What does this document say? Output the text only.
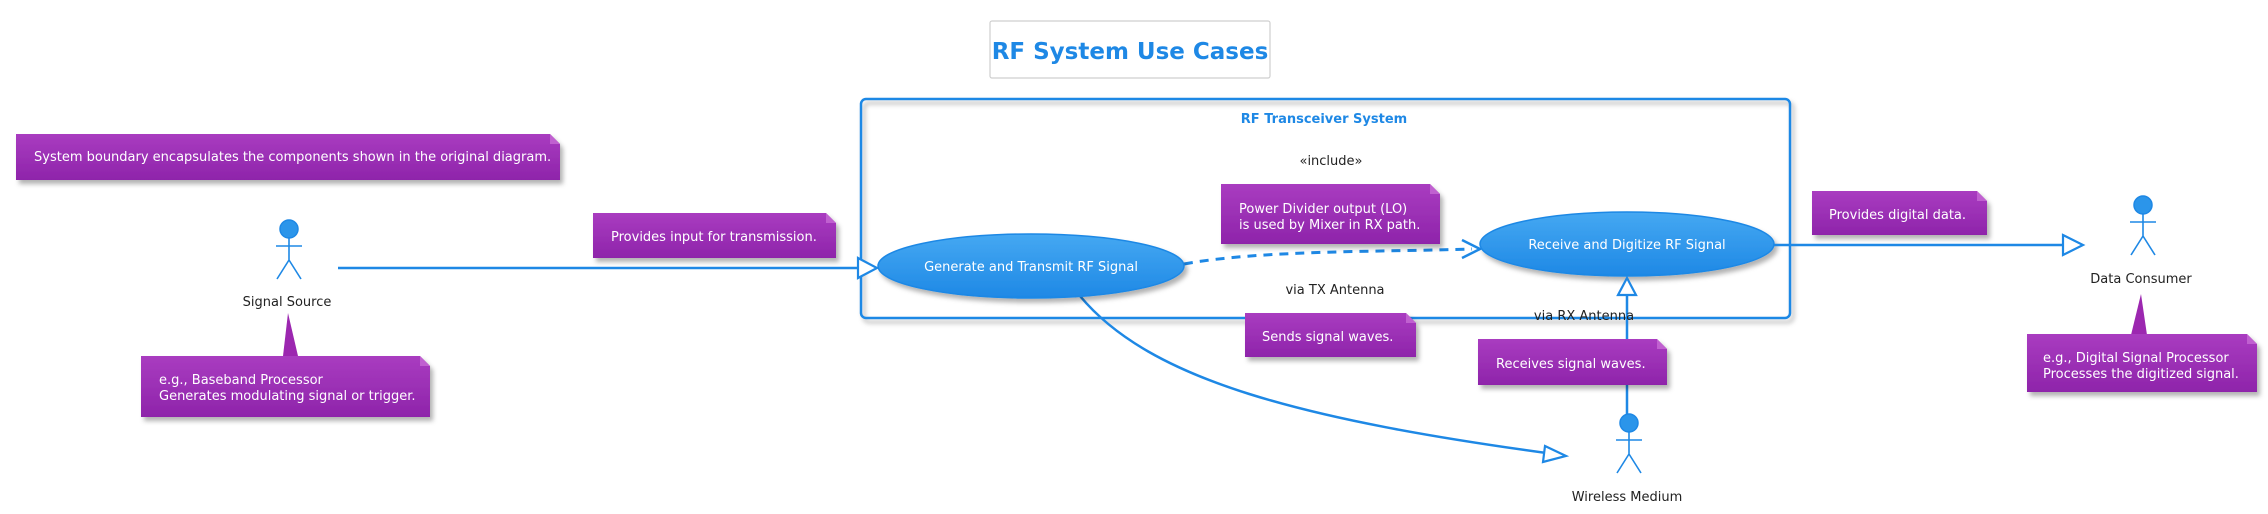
RF System Use Cases
RF Transceiver System
System boundary encapsulates the components shown in the original diagram.
Signal Source
e.g., Baseband Processor Generates modulating signal or trigger.
Provides input for transmission.
via TX Antenna
«include»
Power Divider output (LO) is used by Mixer in RX path.
Generate and Transmit RF Signal
Receive and Digitize RF Signal
Sends signal waves.
via RX Antenna
Receives signal waves.
Wireless Medium
Provides digital data.
Data Consumer
e.g., Digital Signal Processor Processes the digitized signal.
